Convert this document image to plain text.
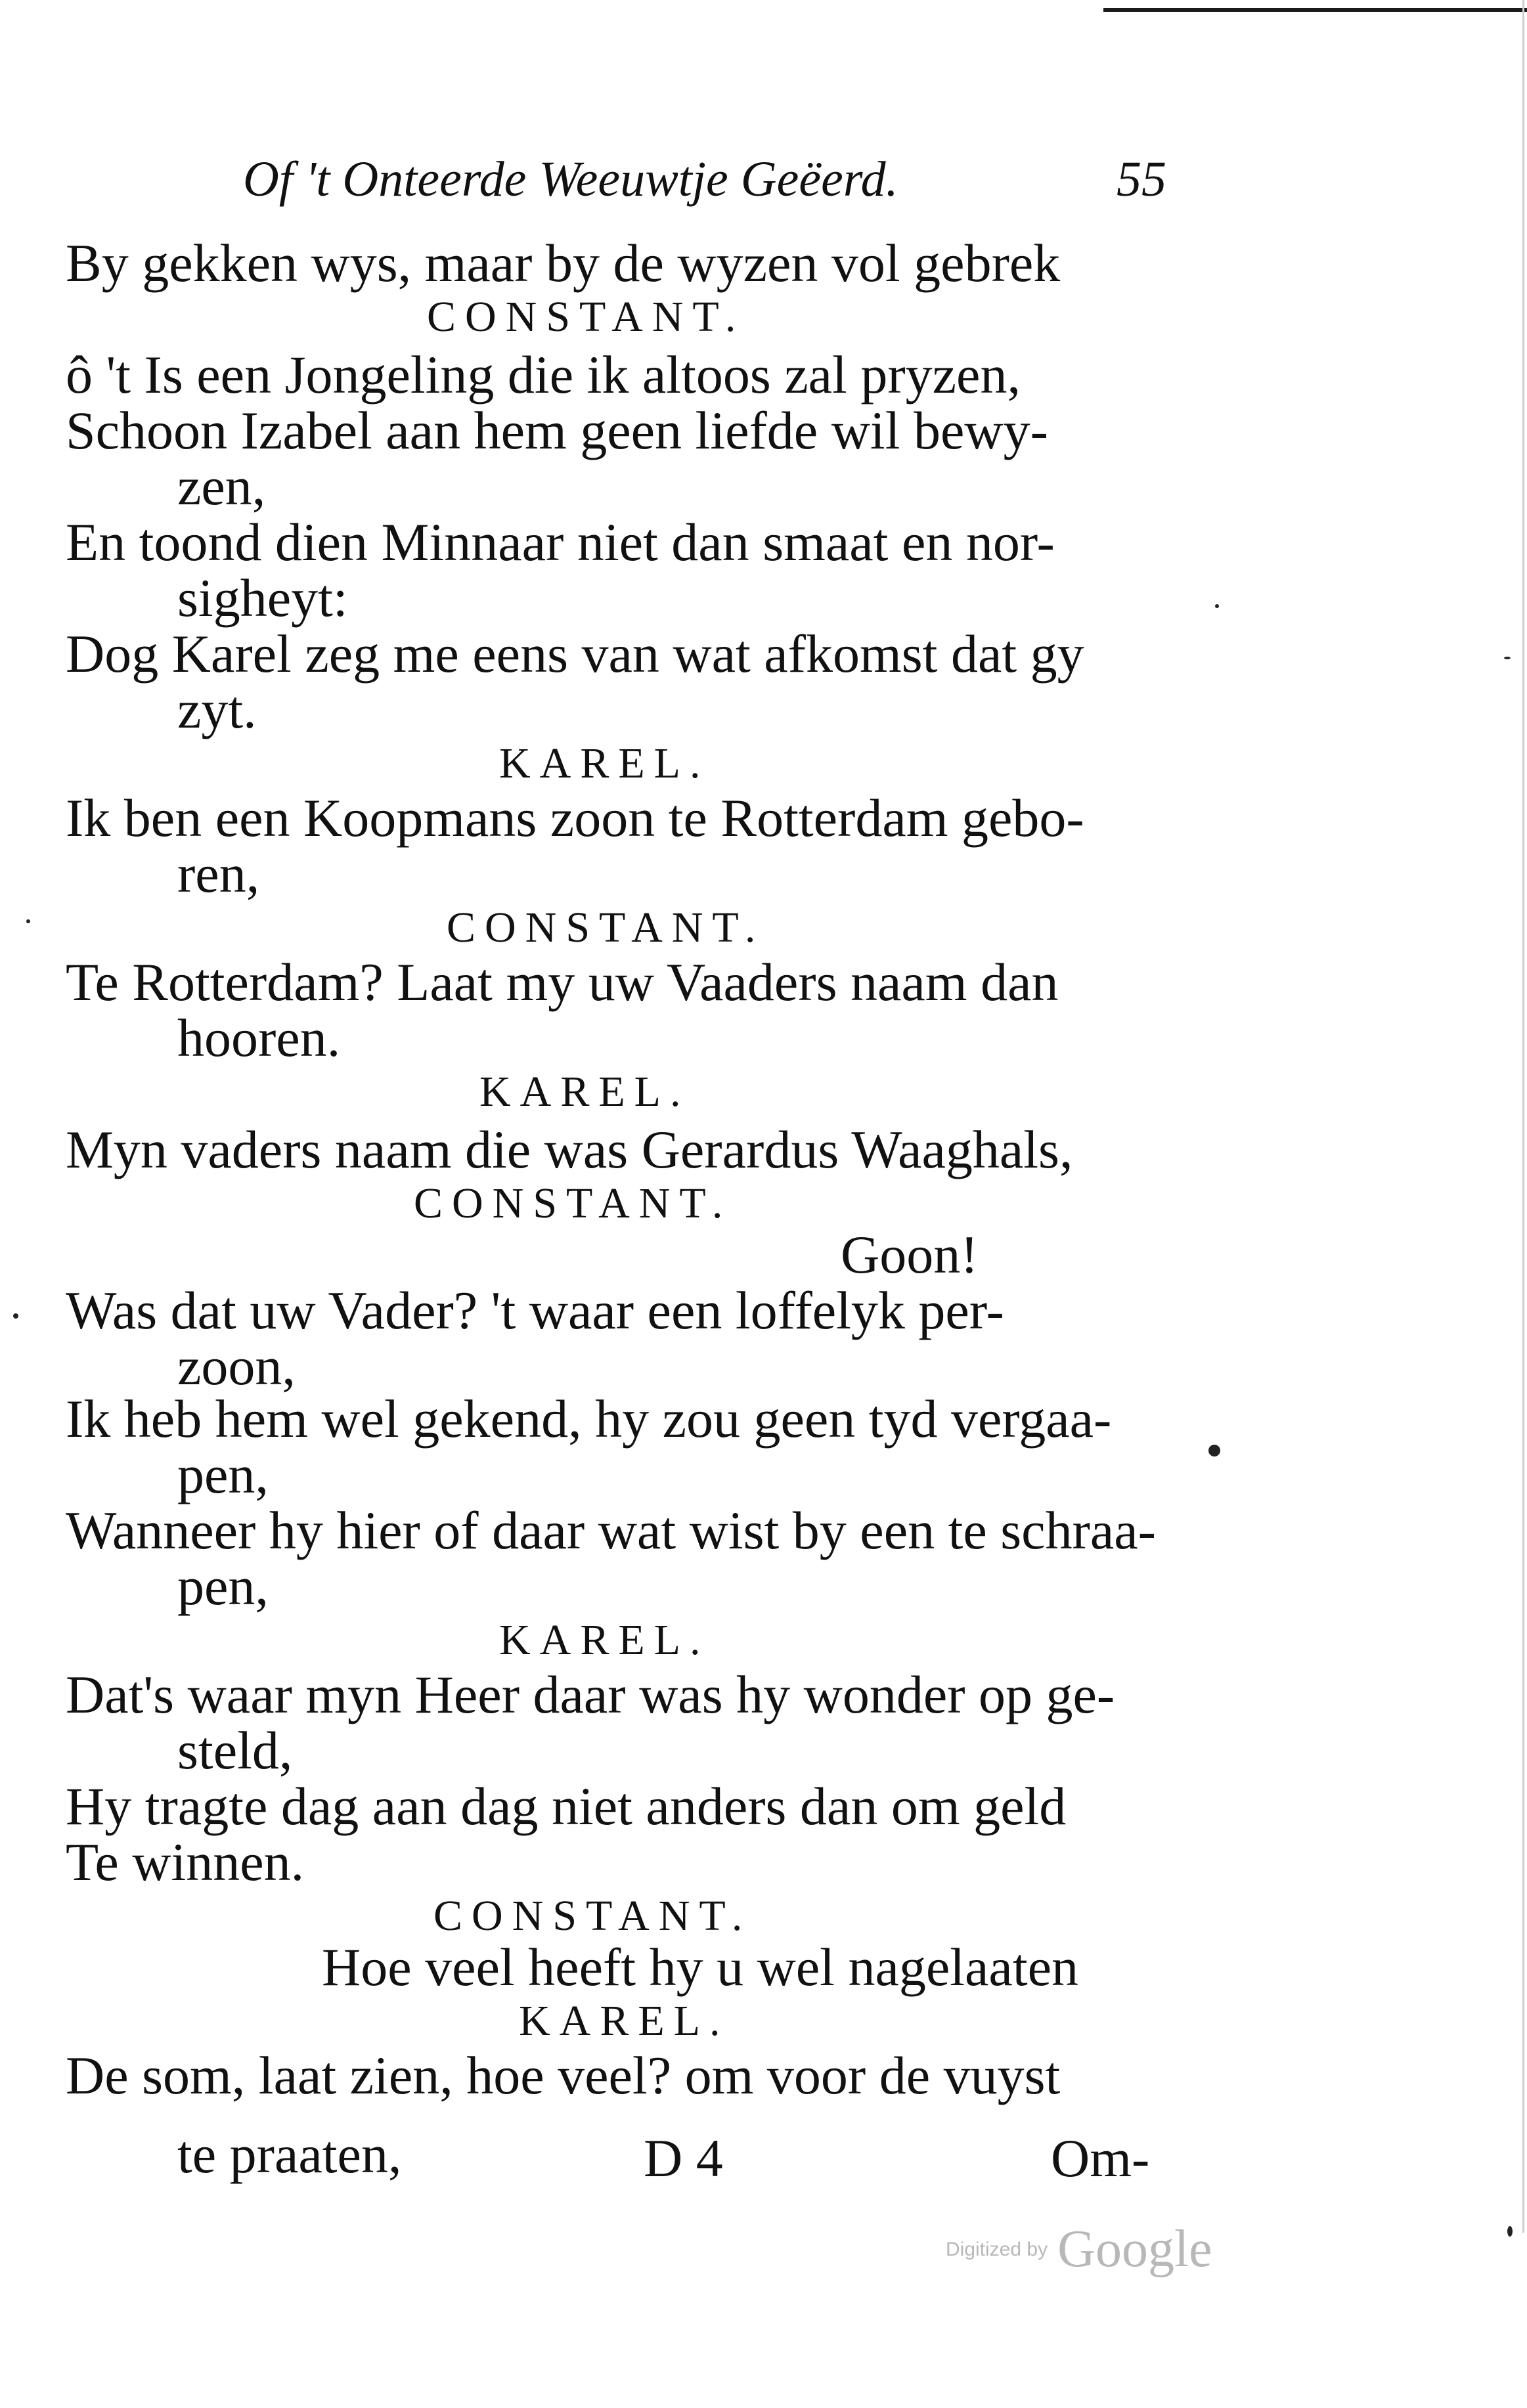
Of 't Onteerde Weeuwtje Geëerd.	55
By gekken wys, maar by de wyzen vol gebrek
CONSTANT.
ô 't Is een Jongeling die ik altoos zal pryzen,
Schoon Izabel aan hem geen liefde wil bewy-
zen,
En toond dien Minnaar niet dan smaat en nor-
sigheyt:
Dog Karel zeg me eens van wat afkomst dat gy
zyt.
KAREL.
Ik ben een Koopmans zoon te Rotterdam gebo-
ren,
CONSTANT.
Te Rotterdam? Laat my uw Vaaders naam dan
hooren.
KAREL.
Myn vaders naam die was Gerardus Waaghals,
CONSTANT.
Goon!
Was dat uw Vader? 't waar een loffelyk per-
zoon,
Ik heb hem wel gekend, hy zou geen tyd vergaa-
pen,
Wanneer hy hier of daar wat wist by een te schraa-
pen,
KAREL.
Dat's waar myn Heer daar was hy wonder op ge-
steld,
Hy tragte dag aan dag niet anders dan om geld
Te winnen.
CONSTANT.
Hoe veel heeft hy u wel nagelaaten
KAREL.
De som, laat zien, hoe veel? om voor de vuyst
te praaten,	D 4	Om-
Digitized by Google
